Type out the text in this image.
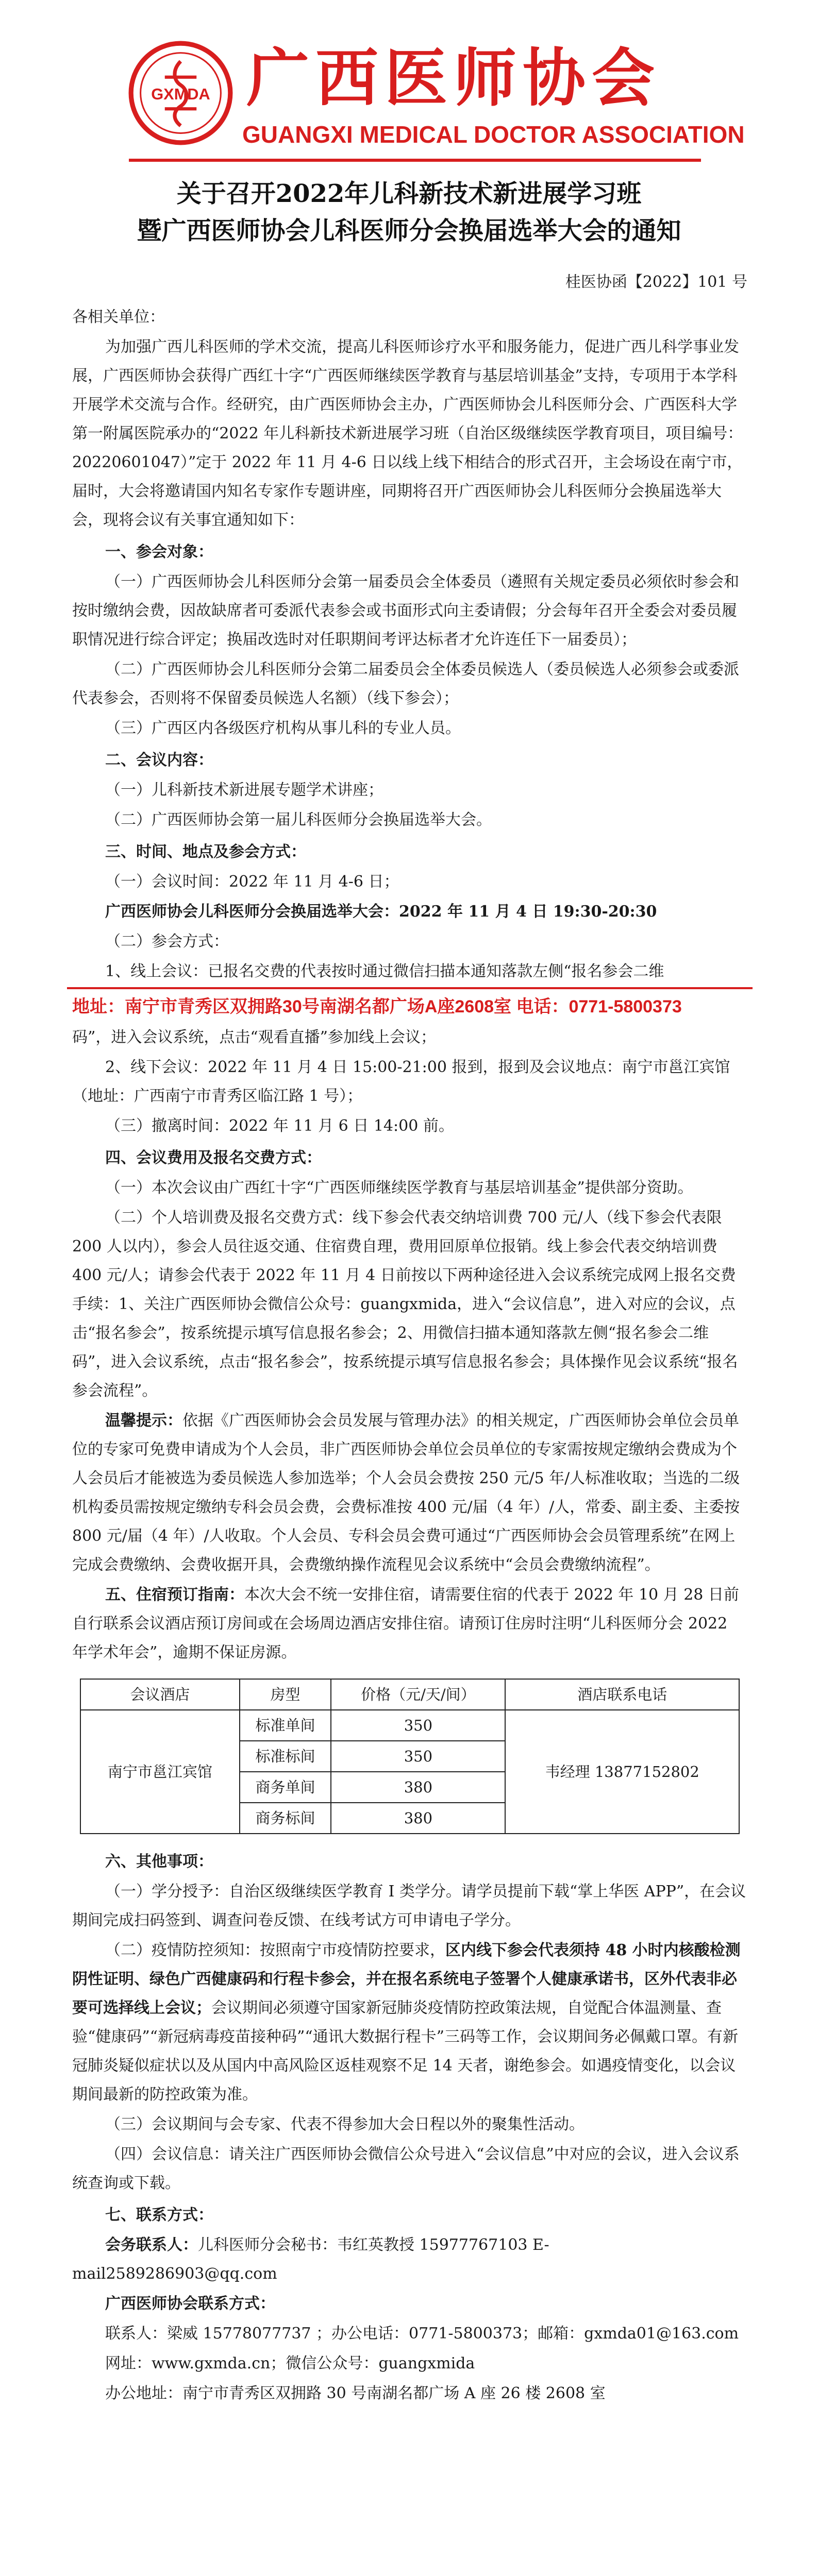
GXMDA 广西医师协会
GUANGXI MEDICAL DOCTOR ASSOCIATION
关于召开2022年儿科新技术新进展学习班
暨广西医师协会儿科医师分会换届选举大会的通知
桂医协函【2022】101 号
各相关单位：
为加强广西儿科医师的学术交流，提高儿科医师诊疗水平和服务能力，促进广西儿科学事业发展，广西医师协会获得广西红十字“广西医师继续医学教育与基层培训基金”支持，专项用于本学科开展学术交流与合作。经研究，由广西医师协会主办，广西医师协会儿科医师分会、广西医科大学第一附属医院承办的“2022 年儿科新技术新进展学习班（自治区级继续医学教育项目，项目编号：20220601047）”定于 2022 年 11 月 4-6 日以线上线下相结合的形式召开，主会场设在南宁市，届时，大会将邀请国内知名专家作专题讲座，同期将召开广西医师协会儿科医师分会换届选举大会，现将会议有关事宜通知如下：
一、参会对象：
（一）广西医师协会儿科医师分会第一届委员会全体委员（遴照有关规定委员必须依时参会和按时缴纳会费，因故缺席者可委派代表参会或书面形式向主委请假；分会每年召开全委会对委员履职情况进行综合评定；换届改选时对任职期间考评达标者才允许连任下一届委员）；
（二）广西医师协会儿科医师分会第二届委员会全体委员候选人（委员候选人必须参会或委派代表参会，否则将不保留委员候选人名额）（线下参会）；
（三）广西区内各级医疗机构从事儿科的专业人员。
二、会议内容：
（一）儿科新技术新进展专题学术讲座；
（二）广西医师协会第一届儿科医师分会换届选举大会。
三、时间、地点及参会方式：
（一）会议时间：2022 年 11 月 4-6 日；
广西医师协会儿科医师分会换届选举大会：2022 年 11 月 4 日 19:30-20:30
（二）参会方式：
1、线上会议：已报名交费的代表按时通过微信扫描本通知落款左侧“报名参会二维
地址：南宁市青秀区双拥路30号南湖名都广场A座2608室 电话：0771-5800373
码”，进入会议系统，点击“观看直播”参加线上会议；
2、线下会议：2022 年 11 月 4 日 15:00-21:00 报到，报到及会议地点：南宁市邕江宾馆（地址：广西南宁市青秀区临江路 1 号）；
（三）撤离时间：2022 年 11 月 6 日 14:00 前。
四、会议费用及报名交费方式：
（一）本次会议由广西红十字“广西医师继续医学教育与基层培训基金”提供部分资助。
（二）个人培训费及报名交费方式：线下参会代表交纳培训费 700 元/人（线下参会代表限 200 人以内），参会人员往返交通、住宿费自理，费用回原单位报销。线上参会代表交纳培训费 400 元/人；请参会代表于 2022 年 11 月 4 日前按以下两种途径进入会议系统完成网上报名交费手续：1、关注广西医师协会微信公众号：guangxmida，进入“会议信息”，进入对应的会议，点击“报名参会”，按系统提示填写信息报名参会；2、用微信扫描本通知落款左侧“报名参会二维码”，进入会议系统，点击“报名参会”，按系统提示填写信息报名参会；具体操作见会议系统“报名参会流程”。
温馨提示：依据《广西医师协会会员发展与管理办法》的相关规定，广西医师协会单位会员单位的专家可免费申请成为个人会员，非广西医师协会单位会员单位的专家需按规定缴纳会费成为个人会员后才能被选为委员候选人参加选举；个人会员会费按 250 元/5 年/人标准收取；当选的二级机构委员需按规定缴纳专科会员会费，会费标准按 400 元/届（4 年）/人，常委、副主委、主委按 800 元/届（4 年）/人收取。个人会员、专科会员会费可通过“广西医师协会会员管理系统”在网上完成会费缴纳、会费收据开具，会费缴纳操作流程见会议系统中“会员会费缴纳流程”。
五、住宿预订指南：本次大会不统一安排住宿，请需要住宿的代表于 2022 年 10 月 28 日前自行联系会议酒店预订房间或在会场周边酒店安排住宿。请预订住房时注明“儿科医师分会 2022 年学术年会”，逾期不保证房源。
会议酒店	房型	价格（元/天/间）	酒店联系电话
南宁市邕江宾馆	标准单间	350	韦经理 13877152802
	标准标间	350	
	商务单间	380	
	商务标间	380	
六、其他事项：
（一）学分授予：自治区级继续医学教育 I 类学分。请学员提前下载“掌上华医 APP”，在会议期间完成扫码签到、调查问卷反馈、在线考试方可申请电子学分。
（二）疫情防控须知：按照南宁市疫情防控要求，区内线下参会代表须持 48 小时内核酸检测阴性证明、绿色广西健康码和行程卡参会，并在报名系统电子签署个人健康承诺书，区外代表非必要可选择线上会议；会议期间必须遵守国家新冠肺炎疫情防控政策法规，自觉配合体温测量、查验“健康码”“新冠病毒疫苗接种码”“通讯大数据行程卡”三码等工作，会议期间务必佩戴口罩。有新冠肺炎疑似症状以及从国内中高风险区返桂观察不足 14 天者，谢绝参会。如遇疫情变化，以会议期间最新的防控政策为准。
（三）会议期间与会专家、代表不得参加大会日程以外的聚集性活动。
（四）会议信息：请关注广西医师协会微信公众号进入“会议信息”中对应的会议，进入会议系统查询或下载。
七、联系方式：
会务联系人：儿科医师分会秘书：韦红英教授 15977767103 E-mail2589286903@qq.com
广西医师协会联系方式：
联系人：梁威 15778077737 ；办公电话：0771-5800373；邮箱：gxmda01@163.com
网址：www.gxmda.cn；微信公众号：guangxmida
办公地址：南宁市青秀区双拥路 30 号南湖名都广场 A 座 26 楼 2608 室
